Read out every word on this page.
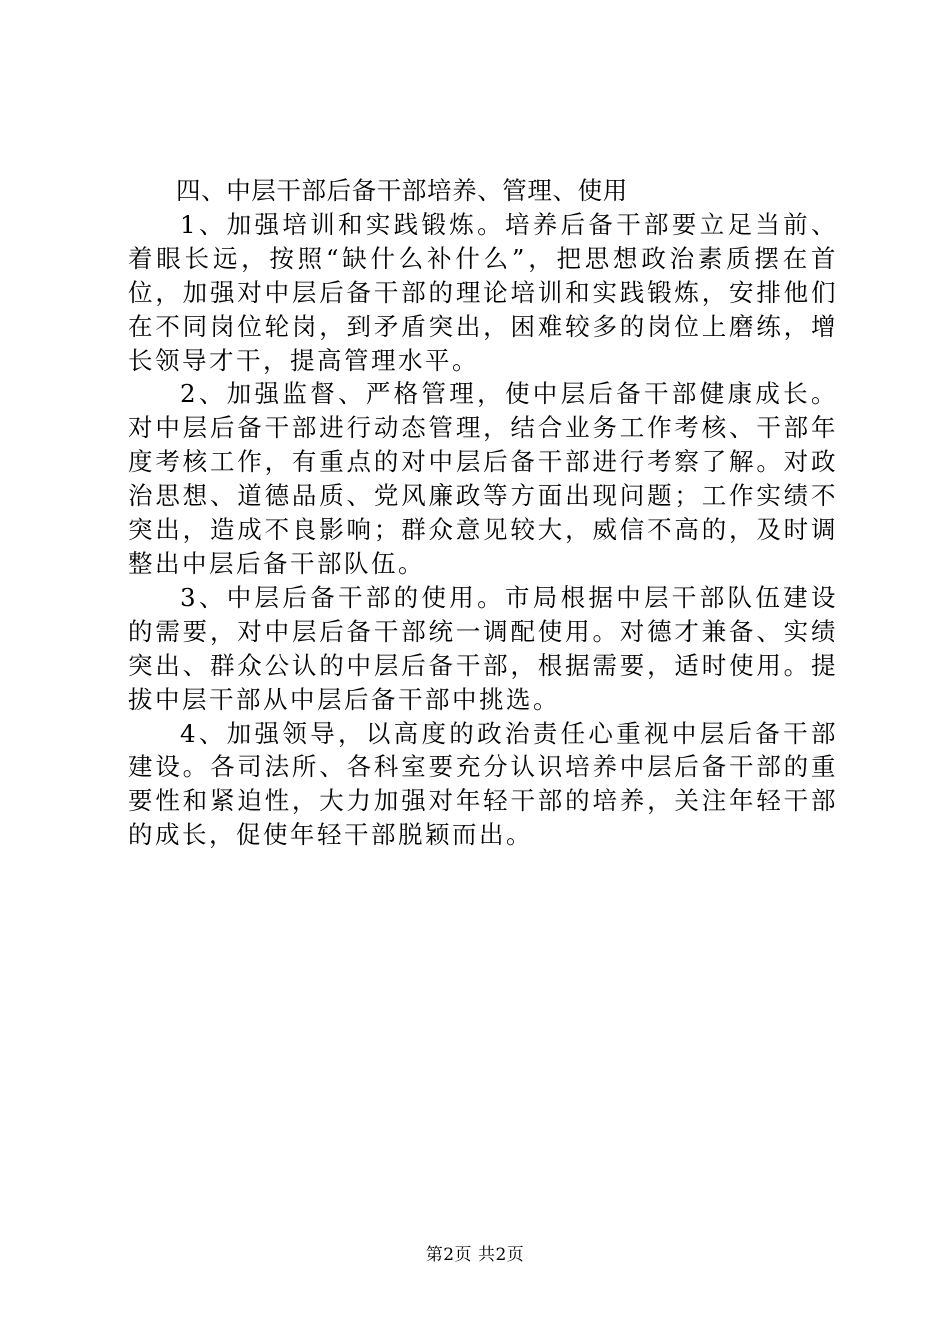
四、中层干部后备干部培养、管理、使用

1、加强培训和实践锻炼。培养后备干部要立足当前、着眼长远，按照“缺什么补什么”，把思想政治素质摆在首位，加强对中层后备干部的理论培训和实践锻炼，安排他们在不同岗位轮岗，到矛盾突出，困难较多的岗位上磨练，增长领导才干，提高管理水平。

2、加强监督、严格管理，使中层后备干部健康成长。对中层后备干部进行动态管理，结合业务工作考核、干部年度考核工作，有重点的对中层后备干部进行考察了解。对政治思想、道德品质、党风廉政等方面出现问题；工作实绩不突出，造成不良影响；群众意见较大，威信不高的，及时调整出中层后备干部队伍。

3、中层后备干部的使用。市局根据中层干部队伍建设的需要，对中层后备干部统一调配使用。对德才兼备、实绩突出、群众公认的中层后备干部，根据需要，适时使用。提拔中层干部从中层后备干部中挑选。

4、加强领导，以高度的政治责任心重视中层后备干部建设。各司法所、各科室要充分认识培养中层后备干部的重要性和紧迫性，大力加强对年轻干部的培养，关注年轻干部的成长，促使年轻干部脱颖而出。

第2页 共2页
